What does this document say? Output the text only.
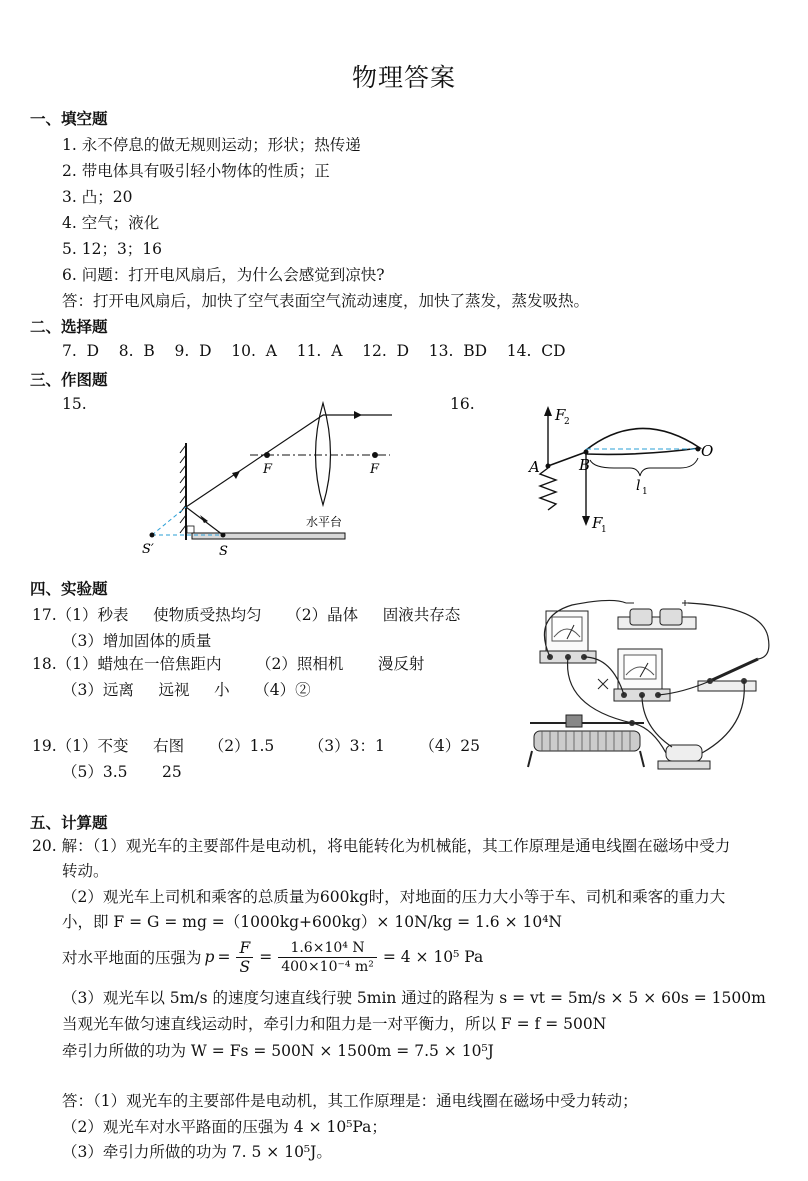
物理答案
一、填空题
1. 永不停息的做无规则运动；形状；热传递
2. 带电体具有吸引轻小物体的性质；正
3. 凸；20
4. 空气；液化
5. 12；3；16
6. 问题：打开电风扇后，为什么会感觉到凉快?
答：打开电风扇后，加快了空气表面空气流动速度，加快了蒸发，蒸发吸热。
二、选择题
7.  D    8.  B    9.  D    10.  A    11.  A    12.  D    13.  BD    14.  CD
三、作图题
15.	16.
F	F
水平台
S
S′
F
2
F
1
A	B
O
l 1
四、实验题
17.（1）秒表     使物质受热均匀     （2）晶体     固液共存态
（3）增加固体的质量
18.（1）蜡烛在一倍焦距内       （2）照相机       漫反射
（3）远离     远视     小     （4）②
19.（1）不变     右图     （2）1.5       （3）3：1       （4）25
（5）3.5       25
五、计算题
20. 解：（1）观光车的主要部件是电动机，将电能转化为机械能，其工作原理是通电线圈在磁场中受力
转动。
（2）观光车上司机和乘客的总质量为600kg时，对地面的压力大小等于车、司机和乘客的重力大
小，即 F = G = mg =（1000kg+600kg）× 10N/kg = 1.6 × 10⁴N
对水平地面的压强为 $p = \frac{F}{S} = \frac{\text{1.6×10⁴ N}}{\text{400×10⁻⁴ m²}} = 4 \times 10^5$ Pa
（3）观光车以 5m/s 的速度匀速直线行驶 5min 通过的路程为 s = vt = 5m/s × 5 × 60s = 1500m
当观光车做匀速直线运动时，牵引力和阻力是一对平衡力，所以 F = f = 500N
牵引力所做的功为 W = Fs = 500N × 1500m = 7.5 × 10⁵J
答：（1）观光车的主要部件是电动机，其工作原理是：通电线圈在磁场中受力转动；
（2）观光车对水平路面的压强为 4 × 10⁵Pa；
（3）牵引力所做的功为 7. 5 × 10⁵J。
